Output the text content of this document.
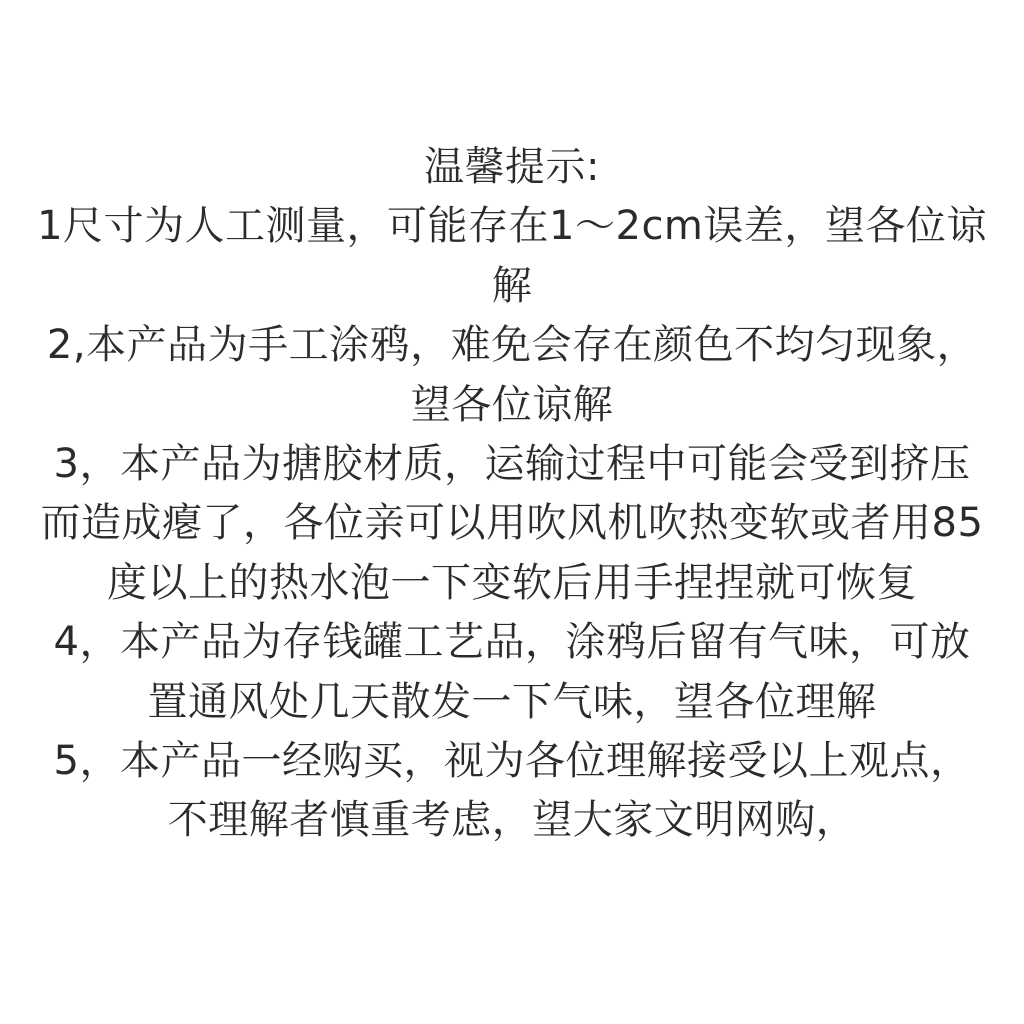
温馨提示:
1尺寸为人工测量，可能存在1～2cm误差，望各位谅
解
2,本产品为手工涂鸦，难免会存在颜色不均匀现象，
望各位谅解
3，本产品为搪胶材质，运输过程中可能会受到挤压
而造成瘪了，各位亲可以用吹风机吹热变软或者用85
度以上的热水泡一下变软后用手捏捏就可恢复
4，本产品为存钱罐工艺品，涂鸦后留有气味，可放
置通风处几天散发一下气味，望各位理解
5，本产品一经购买，视为各位理解接受以上观点，
不理解者慎重考虑，望大家文明网购，
